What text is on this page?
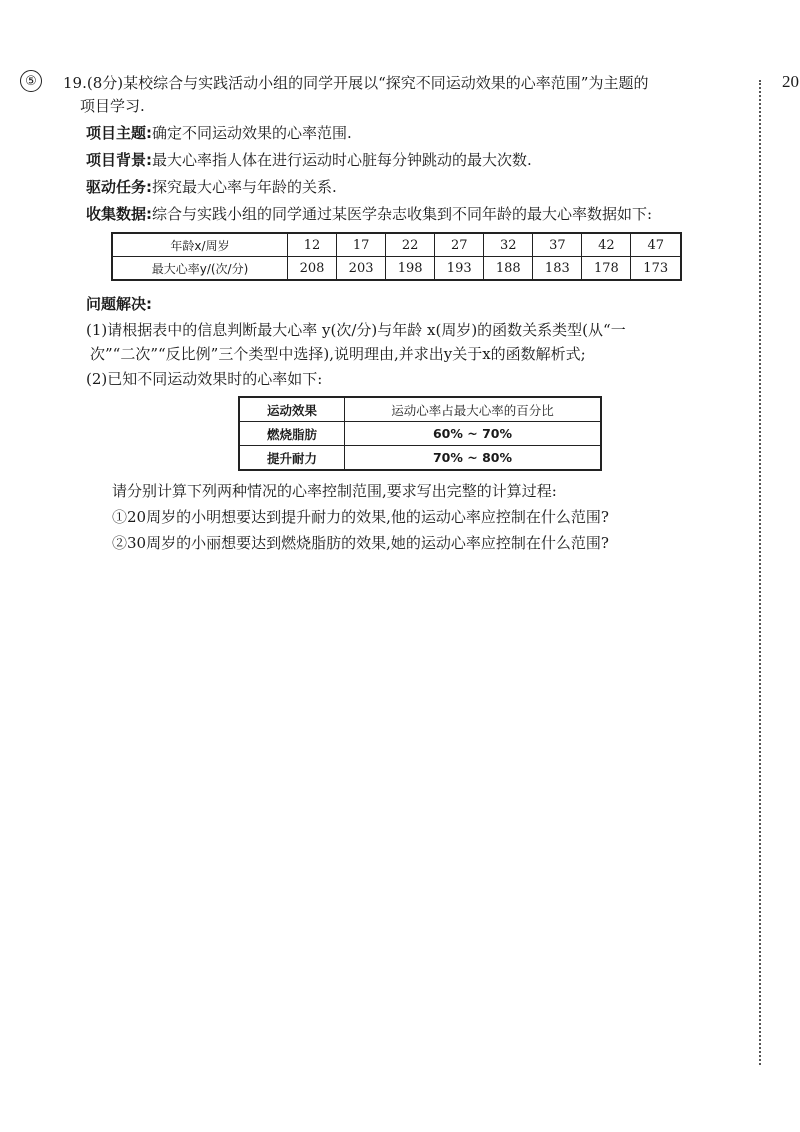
⑤	20
19.(8分)某校综合与实践活动小组的同学开展以“探究不同运动效果的心率范围”为主题的
项目学习.
项目主题:确定不同运动效果的心率范围.
项目背景:最大心率指人体在进行运动时心脏每分钟跳动的最大次数.
驱动任务:探究最大心率与年龄的关系.
收集数据:综合与实践小组的同学通过某医学杂志收集到不同年龄的最大心率数据如下:
年龄x/周岁	12	17	22	27	32	37	42	47
最大心率y/(次/分)	208	203	198	193	188	183	178	173
问题解决:
(1)请根据表中的信息判断最大心率 y(次/分)与年龄 x(周岁)的函数关系类型(从“一
次”“二次”“反比例”三个类型中选择),说明理由,并求出y关于x的函数解析式;
(2)已知不同运动效果时的心率如下:
运动效果	运动心率占最大心率的百分比
燃烧脂肪	60% ~ 70%
提升耐力	70% ~ 80%
请分别计算下列两种情况的心率控制范围,要求写出完整的计算过程:
①20周岁的小明想要达到提升耐力的效果,他的运动心率应控制在什么范围?
②30周岁的小丽想要达到燃烧脂肪的效果,她的运动心率应控制在什么范围?
